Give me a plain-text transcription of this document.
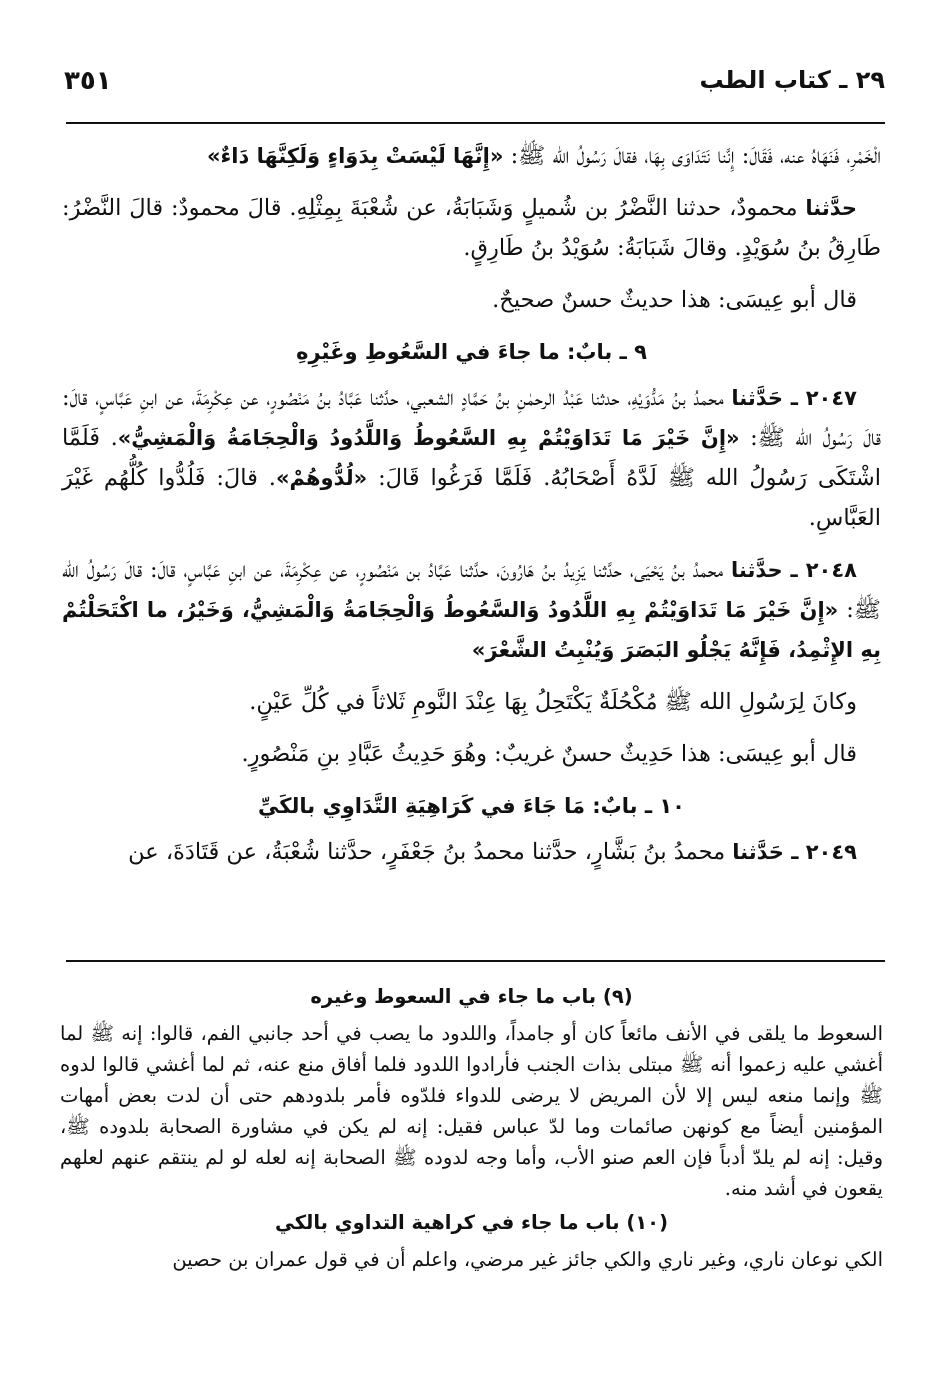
٢٩ ـ كتاب الطب
٣٥١

الْخَمْرِ، فَنَهَاهُ عنه، فَقَالَ: إِنَّنا نَتَدَاوَى بِهَا، فقالَ رَسُولُ الله ﷺ: «إِنَّهَا لَيْسَتْ بِدَوَاءٍ وَلَكِنَّهَا دَاءٌ»

حدَّثنا محمودٌ، حدثنا النَّضْرُ بن شُميلٍ وَشَبَابَةُ، عن شُعْبَةَ بِمِثْلِهِ. قالَ محمودٌ: قالَ النَّضْرُ: طَارِقُ بنُ سُوَيْدٍ. وقالَ شَبَابَةُ: سُوَيْدُ بنُ طَارِقٍ.

قال أبو عِيسَى: هذا حديثٌ حسنٌ صحيحٌ.

٩ ـ بابٌ: ما جاءَ في السَّعُوطِ وغَيْرِهِ

٢٠٤٧ ـ حَدَّثنا محمدُ بنُ مَدُّوَيْهِ، حدثنا عَبْدُ الرحمٰنِ بنُ حَمَّادٍ الشعبي، حدَّثنا عَبَّادُ بنُ مَنْصُورٍ، عن عِكْرِمَةَ، عن ابنِ عَبَّاسٍ، قالَ: قالَ رَسُولُ الله ﷺ: «إِنَّ خَيْرَ مَا تَدَاوَيْتُمْ بِهِ السَّعُوطُ وَاللَّدُودُ وَالْحِجَامَةُ وَالْمَشِيُّ». فَلَمَّا اشْتَكَى رَسُولُ الله ﷺ لَدَّهُ أَصْحَابُهُ. فَلَمَّا فَرَغُوا قَالَ: «لُدُّوهُمْ». قالَ: فَلُدُّوا كُلُّهُم غَيْرَ العَبَّاسِ.

٢٠٤٨ ـ حدَّثنا محمدُ بنُ يَحْيَى، حدَّثنا يَزِيدُ بنُ هَارُونَ، حدَّثنا عَبَّادُ بن مَنْصُورٍ، عن عِكْرِمَةَ، عن ابنِ عَبَّاسٍ، قالَ: قالَ رَسُولُ الله ﷺ: «إِنَّ خَيْرَ مَا تَدَاوَيْتُمْ بِهِ اللَّدُودُ وَالسَّعُوطُ وَالْحِجَامَةُ وَالْمَشِيُّ، وَخَيْرُ، ما اكْتَحَلْتُمْ بِهِ الإِثْمِدُ، فَإِنَّهُ يَجْلُو البَصَرَ وَيُنْبِتُ الشَّعْرَ»

وكانَ لِرَسُولِ الله ﷺ مُكْحُلَةٌ يَكْتَحِلُ بِهَا عِنْدَ النَّومِ ثَلاثاً في كُلِّ عَيْنٍ.

قال أبو عِيسَى: هذا حَدِيثٌ حسنٌ غريبٌ: وهُوَ حَدِيثُ عَبَّادِ بنِ مَنْصُورٍ.

١٠ ـ بابٌ: مَا جَاءَ في كَرَاهِيَةِ التَّدَاوِي بالكَيِّ

٢٠٤٩ ـ حَدَّثنا محمدُ بنُ بَشَّارٍ، حدَّثنا محمدُ بنُ جَعْفَرٍ، حدَّثنا شُعْبَةُ، عن قَتَادَةَ، عن

(٩) باب ما جاء في السعوط وغيره

السعوط ما يلقى في الأنف مائعاً كان أو جامداً، واللدود ما يصب في أحد جانبي الفم، قالوا: إنه ﷺ لما أغشي عليه زعموا أنه ﷺ مبتلى بذات الجنب فأرادوا اللدود فلما أفاق منع عنه، ثم لما أغشي قالوا لدوه ﷺ وإنما منعه ليس إلا لأن المريض لا يرضى للدواء فلدّوه فأمر بلدودهم حتى أن لدت بعض أمهات المؤمنين أيضاً مع كونهن صائمات وما لدّ عباس فقيل: إنه لم يكن في مشاورة الصحابة بلدوده ﷺ، وقيل: إنه لم يلدّ أدباً فإن العم صنو الأب، وأما وجه لدوده ﷺ الصحابة إنه لعله لو لم ينتقم عنهم لعلهم يقعون في أشد منه.

(١٠) باب ما جاء في كراهية التداوي بالكي

الكي نوعان ناري، وغير ناري والكي جائز غير مرضي، واعلم أن في قول عمران بن حصين
